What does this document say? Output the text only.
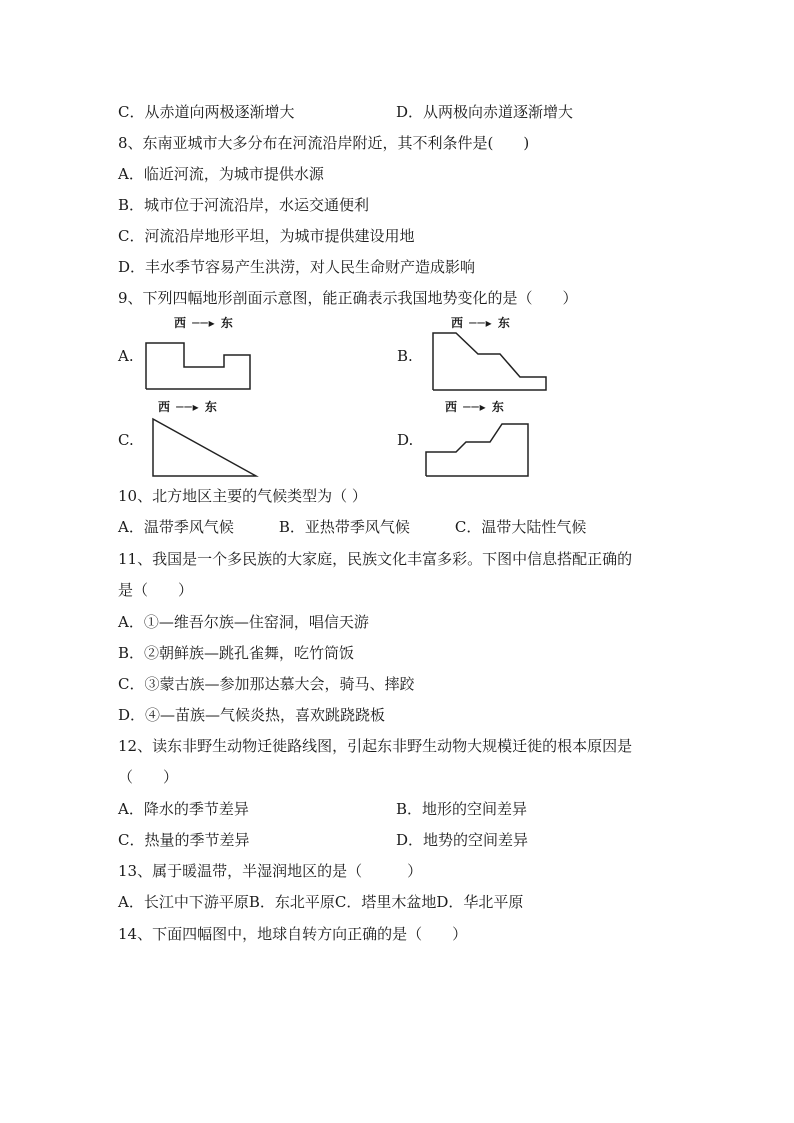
C．从赤道向两极逐渐增大	D．从两极向赤道逐渐增大
8、东南亚城市大多分布在河流沿岸附近，其不利条件是(　　)
A．临近河流，为城市提供水源
B．城市位于河流沿岸，水运交通便利
C．河流沿岸地形平坦，为城市提供建设用地
D．丰水季节容易产生洪涝，对人民生命财产造成影响
9、下列四幅地形剖面示意图，能正确表示我国地势变化的是（　　）
西 ──▸ 东
A.
西 ──▸ 东
B.
西 ──▸ 东
C.
西 ──▸ 东
D.
10、北方地区主要的气候类型为（ ）
A．温带季风气候　　　B．亚热带季风气候　　　C．温带大陆性气候
11、我国是一个多民族的大家庭，民族文化丰富多彩。下图中信息搭配正确的
是（　　）
A．①—维吾尔族—住窑洞，唱信天游
B．②朝鲜族—跳孔雀舞，吃竹筒饭
C．③蒙古族—参加那达慕大会，骑马、摔跤
D．④—苗族—气候炎热，喜欢跳跷跷板
12、读东非野生动物迁徙路线图，引起东非野生动物大规模迁徙的根本原因是
（　　）
A．降水的季节差异	B．地形的空间差异
C．热量的季节差异	D．地势的空间差异
13、属于暖温带，半湿润地区的是（　　　）
A．长江中下游平原B．东北平原C．塔里木盆地D．华北平原
14、下面四幅图中，地球自转方向正确的是（　　）
